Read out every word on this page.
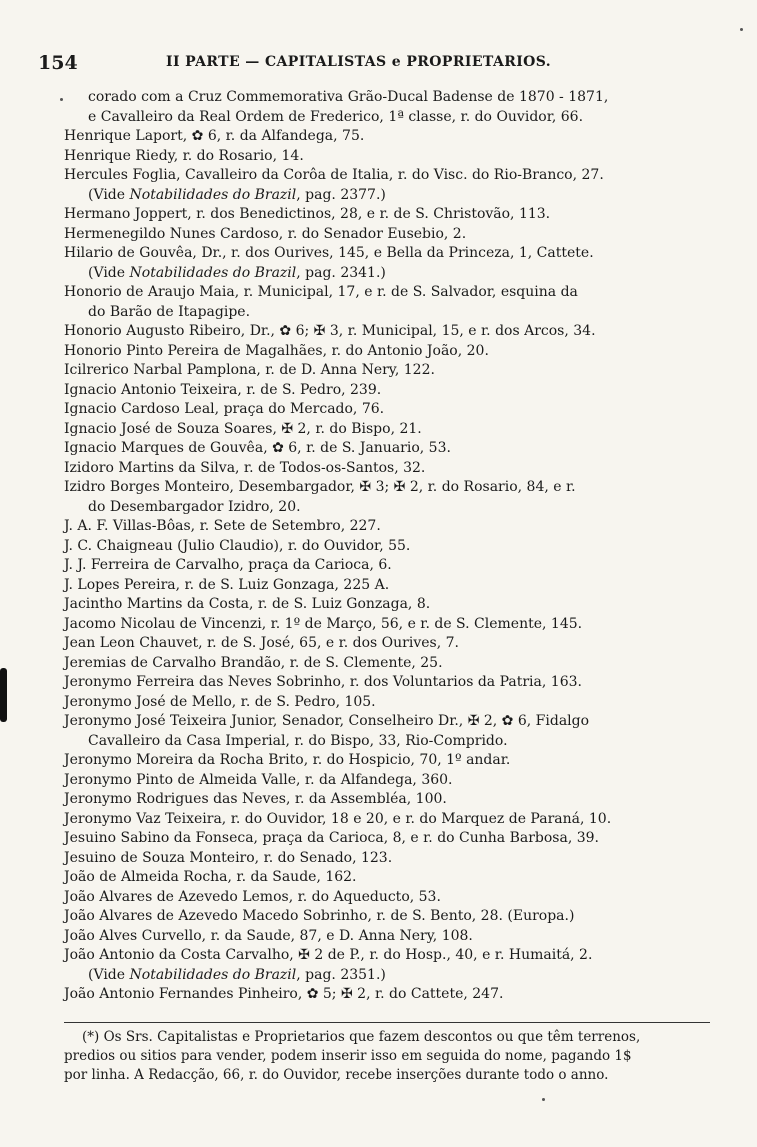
154	II PARTE — CAPITALISTAS e PROPRIETARIOS.
corado com a Cruz Commemorativa Grão-Ducal Badense de 1870 - 1871,
e Cavalleiro da Real Ordem de Frederico, 1ª classe, r. do Ouvidor, 66.
Henrique Laport, ✿ 6, r. da Alfandega, 75.
Henrique Riedy, r. do Rosario, 14.
Hercules Foglia, Cavalleiro da Corôa de Italia, r. do Visc. do Rio-Branco, 27.
(Vide Notabilidades do Brazil, pag. 2377.)
Hermano Joppert, r. dos Benedictinos, 28, e r. de S. Christovão, 113.
Hermenegildo Nunes Cardoso, r. do Senador Eusebio, 2.
Hilario de Gouvêa, Dr., r. dos Ourives, 145, e Bella da Princeza, 1, Cattete.
(Vide Notabilidades do Brazil, pag. 2341.)
Honorio de Araujo Maia, r. Municipal, 17, e r. de S. Salvador, esquina da
do Barão de Itapagipe.
Honorio Augusto Ribeiro, Dr., ✿ 6; ✠ 3, r. Municipal, 15, e r. dos Arcos, 34.
Honorio Pinto Pereira de Magalhães, r. do Antonio João, 20.
Icilrerico Narbal Pamplona, r. de D. Anna Nery, 122.
Ignacio Antonio Teixeira, r. de S. Pedro, 239.
Ignacio Cardoso Leal, praça do Mercado, 76.
Ignacio José de Souza Soares, ✠ 2, r. do Bispo, 21.
Ignacio Marques de Gouvêa, ✿ 6, r. de S. Januario, 53.
Izidoro Martins da Silva, r. de Todos-os-Santos, 32.
Izidro Borges Monteiro, Desembargador, ✠ 3; ✠ 2, r. do Rosario, 84, e r.
do Desembargador Izidro, 20.
J. A. F. Villas-Bôas, r. Sete de Setembro, 227.
J. C. Chaigneau (Julio Claudio), r. do Ouvidor, 55.
J. J. Ferreira de Carvalho, praça da Carioca, 6.
J. Lopes Pereira, r. de S. Luiz Gonzaga, 225 A.
Jacintho Martins da Costa, r. de S. Luiz Gonzaga, 8.
Jacomo Nicolau de Vincenzi, r. 1º de Março, 56, e r. de S. Clemente, 145.
Jean Leon Chauvet, r. de S. José, 65, e r. dos Ourives, 7.
Jeremias de Carvalho Brandão, r. de S. Clemente, 25.
Jeronymo Ferreira das Neves Sobrinho, r. dos Voluntarios da Patria, 163.
Jeronymo José de Mello, r. de S. Pedro, 105.
Jeronymo José Teixeira Junior, Senador, Conselheiro Dr., ✠ 2, ✿ 6, Fidalgo
Cavalleiro da Casa Imperial, r. do Bispo, 33, Rio-Comprido.
Jeronymo Moreira da Rocha Brito, r. do Hospicio, 70, 1º andar.
Jeronymo Pinto de Almeida Valle, r. da Alfandega, 360.
Jeronymo Rodrigues das Neves, r. da Assembléa, 100.
Jeronymo Vaz Teixeira, r. do Ouvidor, 18 e 20, e r. do Marquez de Paraná, 10.
Jesuino Sabino da Fonseca, praça da Carioca, 8, e r. do Cunha Barbosa, 39.
Jesuino de Souza Monteiro, r. do Senado, 123.
João de Almeida Rocha, r. da Saude, 162.
João Alvares de Azevedo Lemos, r. do Aqueducto, 53.
João Alvares de Azevedo Macedo Sobrinho, r. de S. Bento, 28. (Europa.)
João Alves Curvello, r. da Saude, 87, e D. Anna Nery, 108.
João Antonio da Costa Carvalho, ✠ 2 de P., r. do Hosp., 40, e r. Humaitá, 2.
(Vide Notabilidades do Brazil, pag. 2351.)
João Antonio Fernandes Pinheiro, ✿ 5; ✠ 2, r. do Cattete, 247.
(*) Os Srs. Capitalistas e Proprietarios que fazem descontos ou que têm terrenos,
predios ou sitios para vender, podem inserir isso em seguida do nome, pagando 1$
por linha. A Redacção, 66, r. do Ouvidor, recebe inserções durante todo o anno.
